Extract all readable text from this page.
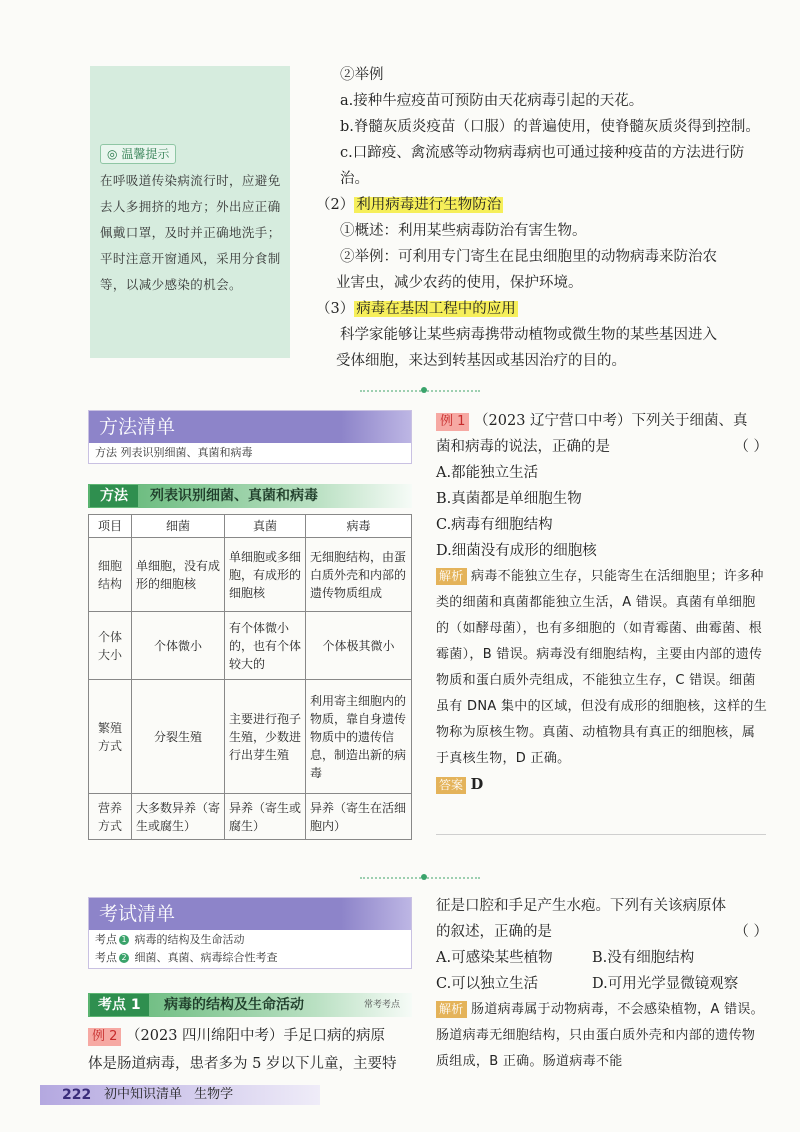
◎ 温馨提示
在呼吸道传染病流行时，应避免
去人多拥挤的地方；外出应正确
佩戴口罩，及时并正确地洗手；
平时注意开窗通风，采用分食制
等，以减少感染的机会。
②举例
a.接种牛痘疫苗可预防由天花病毒引起的天花。
b.脊髓灰质炎疫苗（口服）的普遍使用，使脊髓灰质炎得到控制。
c.口蹄疫、禽流感等动物病毒病也可通过接种疫苗的方法进行防治。
（2） 利用病毒进行生物防治
①概述：利用某些病毒防治有害生物。
②举例：可利用专门寄生在昆虫细胞里的动物病毒来防治农
业害虫，减少农药的使用，保护环境。
（3） 病毒在基因工程中的应用
科学家能够让某些病毒携带动植物或微生物的某些基因进入
受体细胞，来达到转基因或基因治疗的目的。
方法清单
方法 列表识别细菌、真菌和病毒
方法	列表识别细菌、真菌和病毒
项目	细菌	真菌	病毒
细胞结构	单细胞，没有成形的细胞核	单细胞或多细胞，有成形的细胞核	无细胞结构，由蛋白质外壳和内部的遗传物质组成
个体大小	个体微小	有个体微小的，也有个体较大的	个体极其微小
繁殖方式	分裂生殖	主要进行孢子生殖，少数进行出芽生殖	利用寄主细胞内的物质，靠自身遗传物质中的遗传信息，制造出新的病毒
营养方式	大多数异养（寄生或腐生）	异养（寄生或腐生）	异养（寄生在活细胞内）
例 1 （2023 辽宁营口中考）下列关于细菌、真
菌和病毒的说法，正确的是	（ ）
A.都能独立生活
B.真菌都是单细胞生物
C.病毒有细胞结构
D.细菌没有成形的细胞核
解析 病毒不能独立生存，只能寄生在活细胞里；许多种类的细菌和真菌都能独立生活，A 错误。真菌有单细胞的（如酵母菌），也有多细胞的（如青霉菌、曲霉菌、根霉菌），B 错误。病毒没有细胞结构，主要由内部的遗传物质和蛋白质外壳组成，不能独立生存，C 错误。细菌虽有 DNA 集中的区域，但没有成形的细胞核，这样的生物称为原核生物。真菌、动植物具有真正的细胞核，属于真核生物，D 正确。
答案 D
考试清单
考点 1 病毒的结构及生命活动
考点 2 细菌、真菌、病毒综合性考查
考点 1	病毒的结构及生命活动	常考考点
例 2 （2023 四川绵阳中考）手足口病的病原
体是肠道病毒，患者多为 5 岁以下儿童，主要特
征是口腔和手足产生水疱。下列有关该病原体
的叙述，正确的是	（ ）
A.可感染某些植物	B.没有细胞结构
C.可以独立生活	D.可用光学显微镜观察
解析 肠道病毒属于动物病毒，不会感染植物，A 错误。肠道病毒无细胞结构，只由蛋白质外壳和内部的遗传物质组成，B 正确。肠道病毒不能
222 初中知识清单 生物学
